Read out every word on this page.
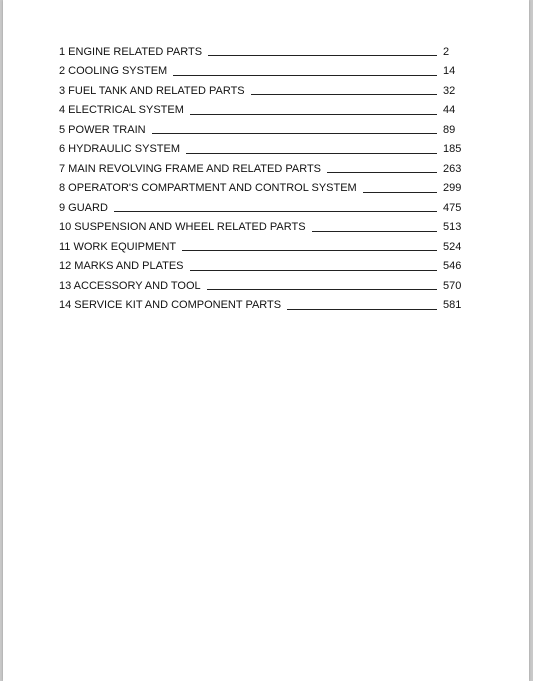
1 ENGINE RELATED PARTS	2
2 COOLING SYSTEM	14
3 FUEL TANK AND RELATED PARTS	32
4 ELECTRICAL SYSTEM	44
5 POWER TRAIN	89
6 HYDRAULIC SYSTEM	185
7 MAIN REVOLVING FRAME AND RELATED PARTS	263
8 OPERATOR'S COMPARTMENT AND CONTROL SYSTEM	299
9 GUARD	475
10 SUSPENSION AND WHEEL RELATED PARTS	513
11 WORK EQUIPMENT	524
12 MARKS AND PLATES	546
13 ACCESSORY AND TOOL	570
14 SERVICE KIT AND COMPONENT PARTS	581
